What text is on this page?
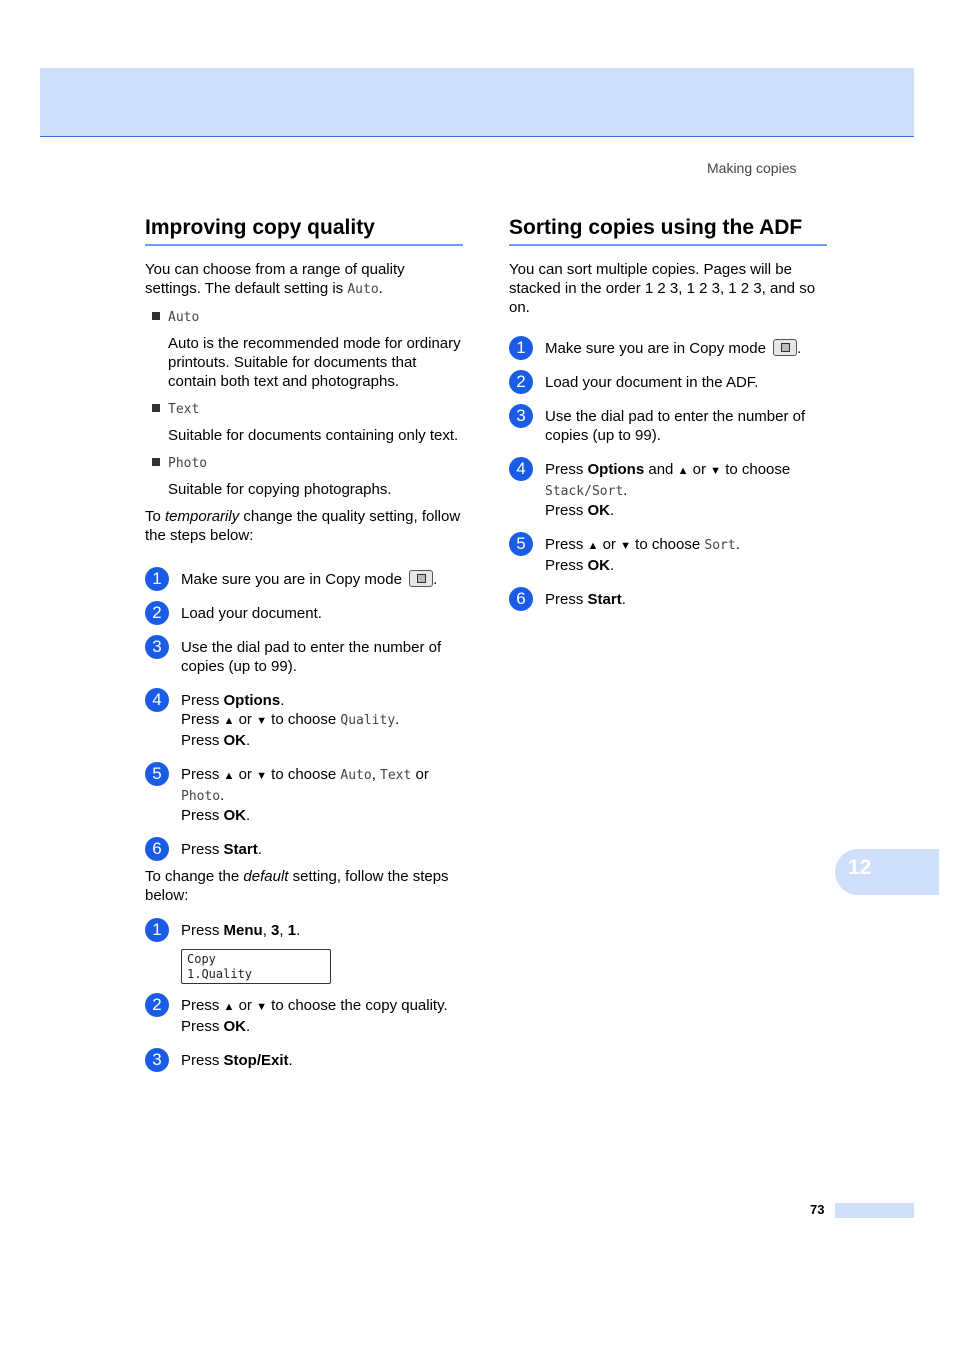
Making copies
Improving copy quality

You can choose from a range of quality settings. The default setting is Auto.

Auto

Auto is the recommended mode for ordinary printouts. Suitable for documents that contain both text and photographs.

Text

Suitable for documents containing only text.

Photo

Suitable for copying photographs.

To temporarily change the quality setting, follow the steps below:

1	Make sure you are in Copy mode .
2	Load your document.
3	Use the dial pad to enter the number of copies (up to 99).
4	Press Options.
Press ▲ or ▼ to choose Quality.
Press OK.
5	Press ▲ or ▼ to choose Auto, Text or
Photo.
Press OK.
6	Press Start.

To change the default setting, follow the steps below:

1	Press Menu, 3, 1.
Copy
1.Quality
2	Press ▲ or ▼ to choose the copy quality.
Press OK.
3	Press Stop/Exit.
Sorting copies using the ADF

You can sort multiple copies. Pages will be stacked in the order 1 2 3, 1 2 3, 1 2 3, and so on.

1	Make sure you are in Copy mode .
2	Load your document in the ADF.
3	Use the dial pad to enter the number of copies (up to 99).
4	Press Options and ▲ or ▼ to choose
Stack/Sort.
Press OK.
5	Press ▲ or ▼ to choose Sort.
Press OK.
6	Press Start.
12
73
